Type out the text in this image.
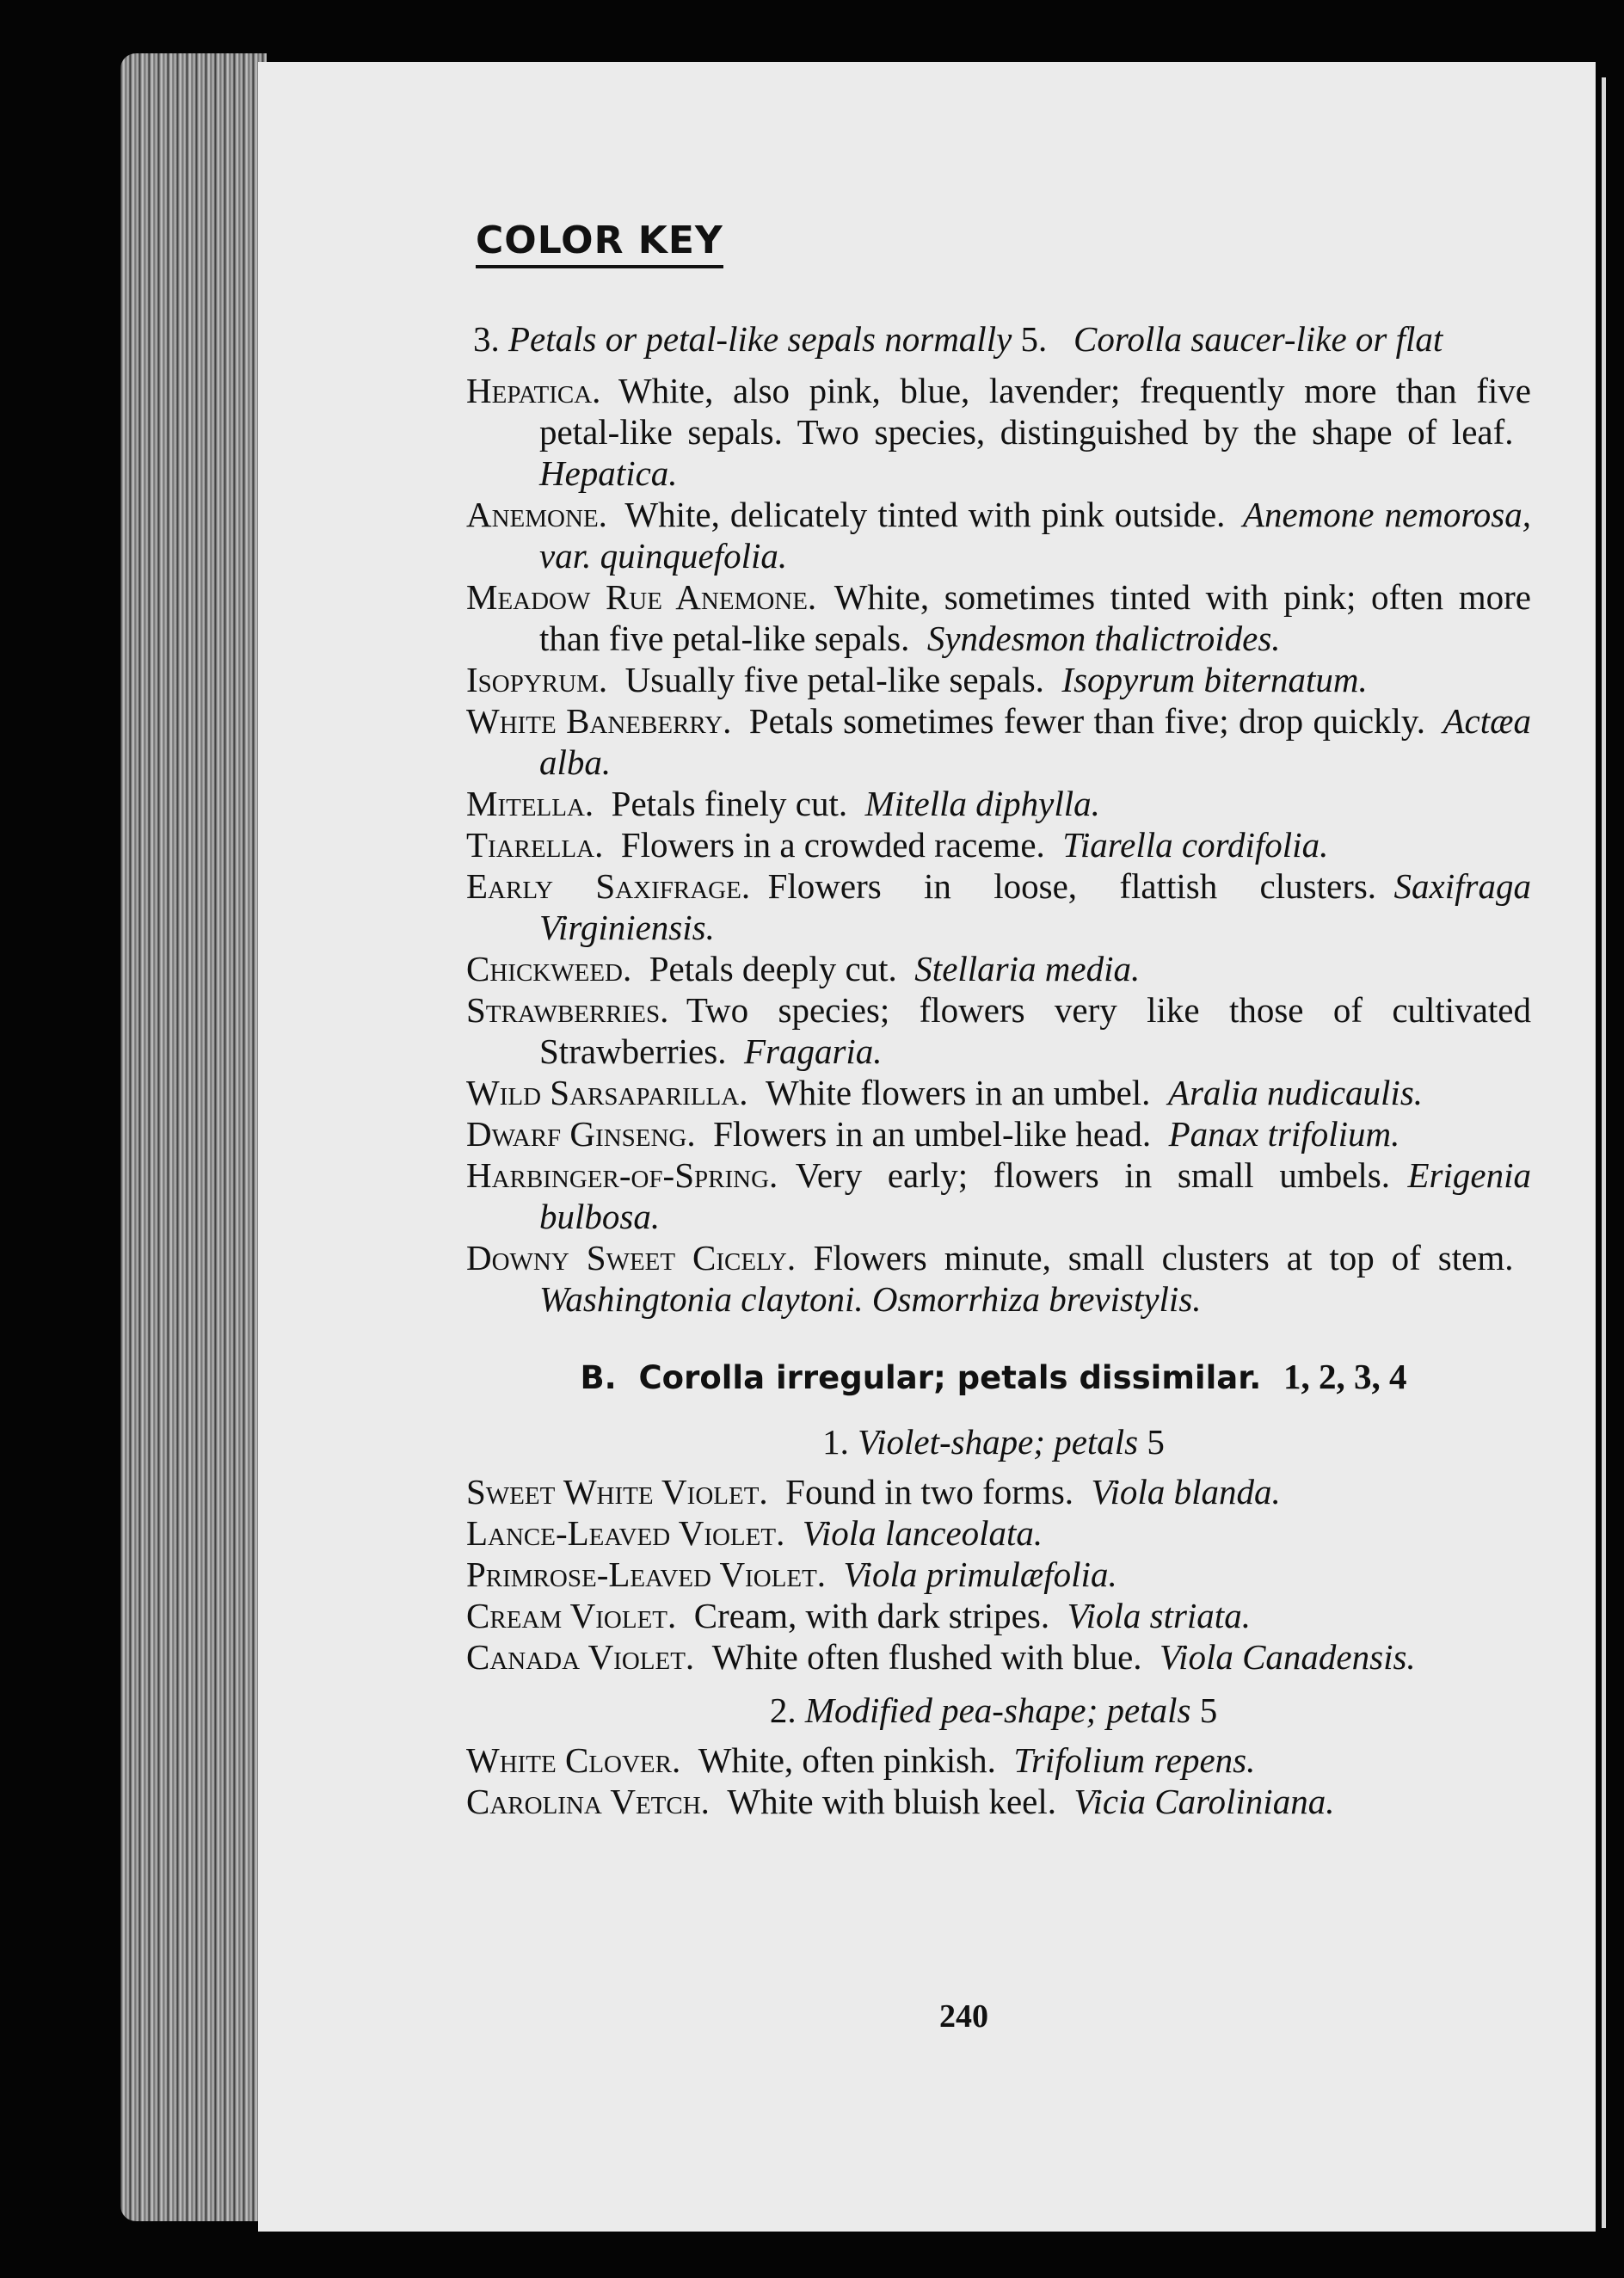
COLOR KEY
3. Petals or petal-like sepals normally 5. Corolla saucer-like or flat

Hepatica.  White, also pink, blue, lavender; frequently more than five petal-like sepals. Two species, distinguished by the shape of leaf. Hepatica.

Anemone.  White, delicately tinted with pink outside.  Anemone nemorosa, var. quinquefolia.

Meadow Rue Anemone.  White, sometimes tinted with pink; often more than five petal-like sepals.  Syndesmon thalictroides.

Isopyrum.  Usually five petal-like sepals.  Isopyrum biternatum.

White Baneberry.  Petals sometimes fewer than five; drop quickly.  Actæa alba.

Mitella.  Petals finely cut.  Mitella diphylla.

Tiarella.  Flowers in a crowded raceme.  Tiarella cordifolia.

Early Saxifrage.  Flowers in loose, flattish clusters.  Saxifraga Virginiensis.

Chickweed.  Petals deeply cut.  Stellaria media.

Strawberries.  Two species; flowers very like those of cultivated Strawberries.  Fragaria.

Wild Sarsaparilla.  White flowers in an umbel.  Aralia nudicaulis.

Dwarf Ginseng.  Flowers in an umbel-like head.  Panax trifolium.

Harbinger-of-Spring.  Very early; flowers in small umbels.  Erigenia bulbosa.

Downy Sweet Cicely.  Flowers minute, small clusters at top of stem. Washingtonia claytoni. Osmorrhiza brevistylis.

B. Corolla irregular; petals dissimilar. 1, 2, 3, 4
1. Violet-shape; petals 5

Sweet White Violet.  Found in two forms.  Viola blanda.

Lance-Leaved Violet.  Viola lanceolata.

Primrose-Leaved Violet.  Viola primulæfolia.

Cream Violet.  Cream, with dark stripes.  Viola striata.

Canada Violet.  White often flushed with blue.  Viola Canadensis.

2. Modified pea-shape; petals 5

White Clover.  White, often pinkish.  Trifolium repens.

Carolina Vetch.  White with bluish keel.  Vicia Caroliniana.

240
